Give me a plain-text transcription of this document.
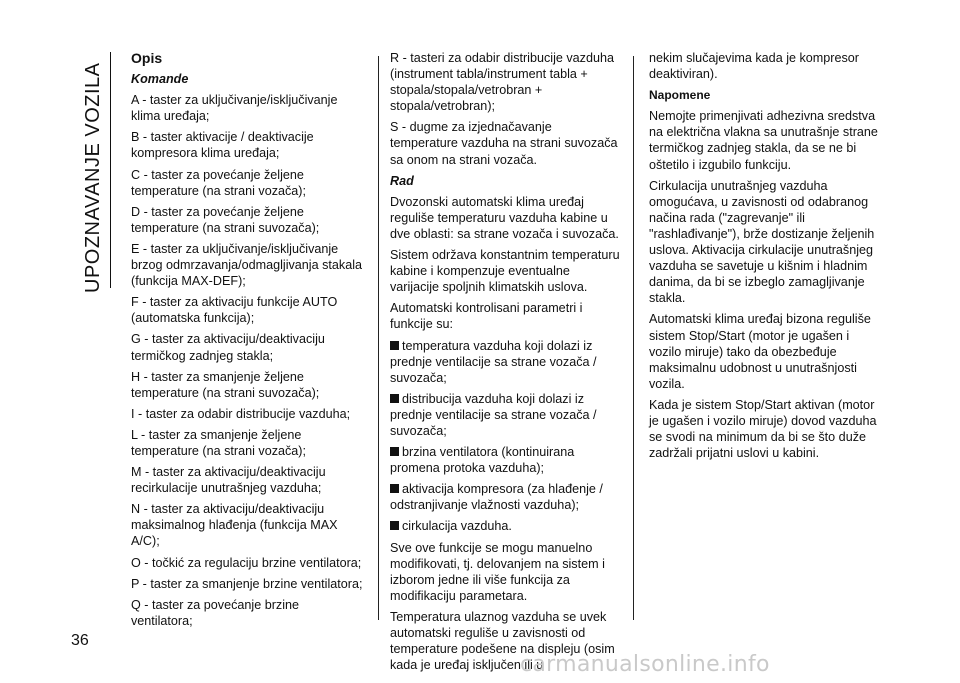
UPOZNAVANJE VOZILA
36

Opis

Komande

A - taster za uključivanje/isključivanje klima uređaja;

B - taster aktivacije / deaktivacije kompresora klima uređaja;

C - taster za povećanje željene temperature (na strani vozača);

D - taster za povećanje željene temperature (na strani suvozača);

E - taster za uključivanje/isključivanje brzog odmrzavanja/odmagljivanja stakala (funkcija MAX-DEF);

F - taster za aktivaciju funkcije AUTO (automatska funkcija);

G - taster za aktivaciju/deaktivaciju termičkog zadnjeg stakla;

H - taster za smanjenje željene temperature (na strani suvozača);

I - taster za odabir distribucije vazduha;

L - taster za smanjenje željene temperature (na strani vozača);

M - taster za aktivaciju/deaktivaciju recirkulacije unutrašnjeg vazduha;

N - taster za aktivaciju/deaktivaciju maksimalnog hlađenja (funkcija MAX A/C);

O - točkić za regulaciju brzine ventilatora;

P - taster za smanjenje brzine ventilatora;

Q - taster za povećanje brzine ventilatora;

R - tasteri za odabir distribucije vazduha (instrument tabla/instrument tabla + stopala/stopala/vetrobran + stopala/vetrobran);

S - dugme za izjednačavanje temperature vazduha na strani suvozača sa onom na strani vozača.

Rad

Dvozonski automatski klima uređaj reguliše temperaturu vazduha kabine u dve oblasti: sa strane vozača i suvozača.

Sistem održava konstantnim temperaturu kabine i kompenzuje eventualne varijacije spoljnih klimatskih uslova.

Automatski kontrolisani parametri i funkcije su:

temperatura vazduha koji dolazi iz prednje ventilacije sa strane vozača / suvozača;

distribucija vazduha koji dolazi iz prednje ventilacije sa strane vozača / suvozača;

brzina ventilatora (kontinuirana promena protoka vazduha);

aktivacija kompresora (za hlađenje / odstranjivanje vlažnosti vazduha);

cirkulacija vazduha.

Sve ove funkcije se mogu manuelno modifikovati, tj. delovanjem na sistem i izborom jedne ili više funkcija za modifikaciju parametara.

Temperatura ulaznog vazduha se uvek automatski reguliše u zavisnosti od temperature podešene na displeju (osim kada je uređaj isključen ili u

nekim slučajevima kada je kompresor deaktiviran).

Napomene

Nemojte primenjivati adhezivna sredstva na električna vlakna sa unutrašnje strane termičkog zadnjeg stakla, da se ne bi oštetilo i izgubilo funkciju.

Cirkulacija unutrašnjeg vazduha omogućava, u zavisnosti od odabranog načina rada ("zagrevanje" ili "rashlađivanje"), brže dostizanje željenih uslova. Aktivacija cirkulacije unutrašnjeg vazduha se savetuje u kišnim i hladnim danima, da bi se izbeglo zamagljivanje stakla.

Automatski klima uređaj bizona reguliše sistem Stop/Start (motor je ugašen i vozilo miruje) tako da obezbeđuje maksimalnu udobnost u unutrašnjosti vozila.

Kada je sistem Stop/Start aktivan (motor je ugašen i vozilo miruje) dovod vazduha se svodi na minimum da bi se što duže zadržali prijatni uslovi u kabini.

carmanualsonline.info
